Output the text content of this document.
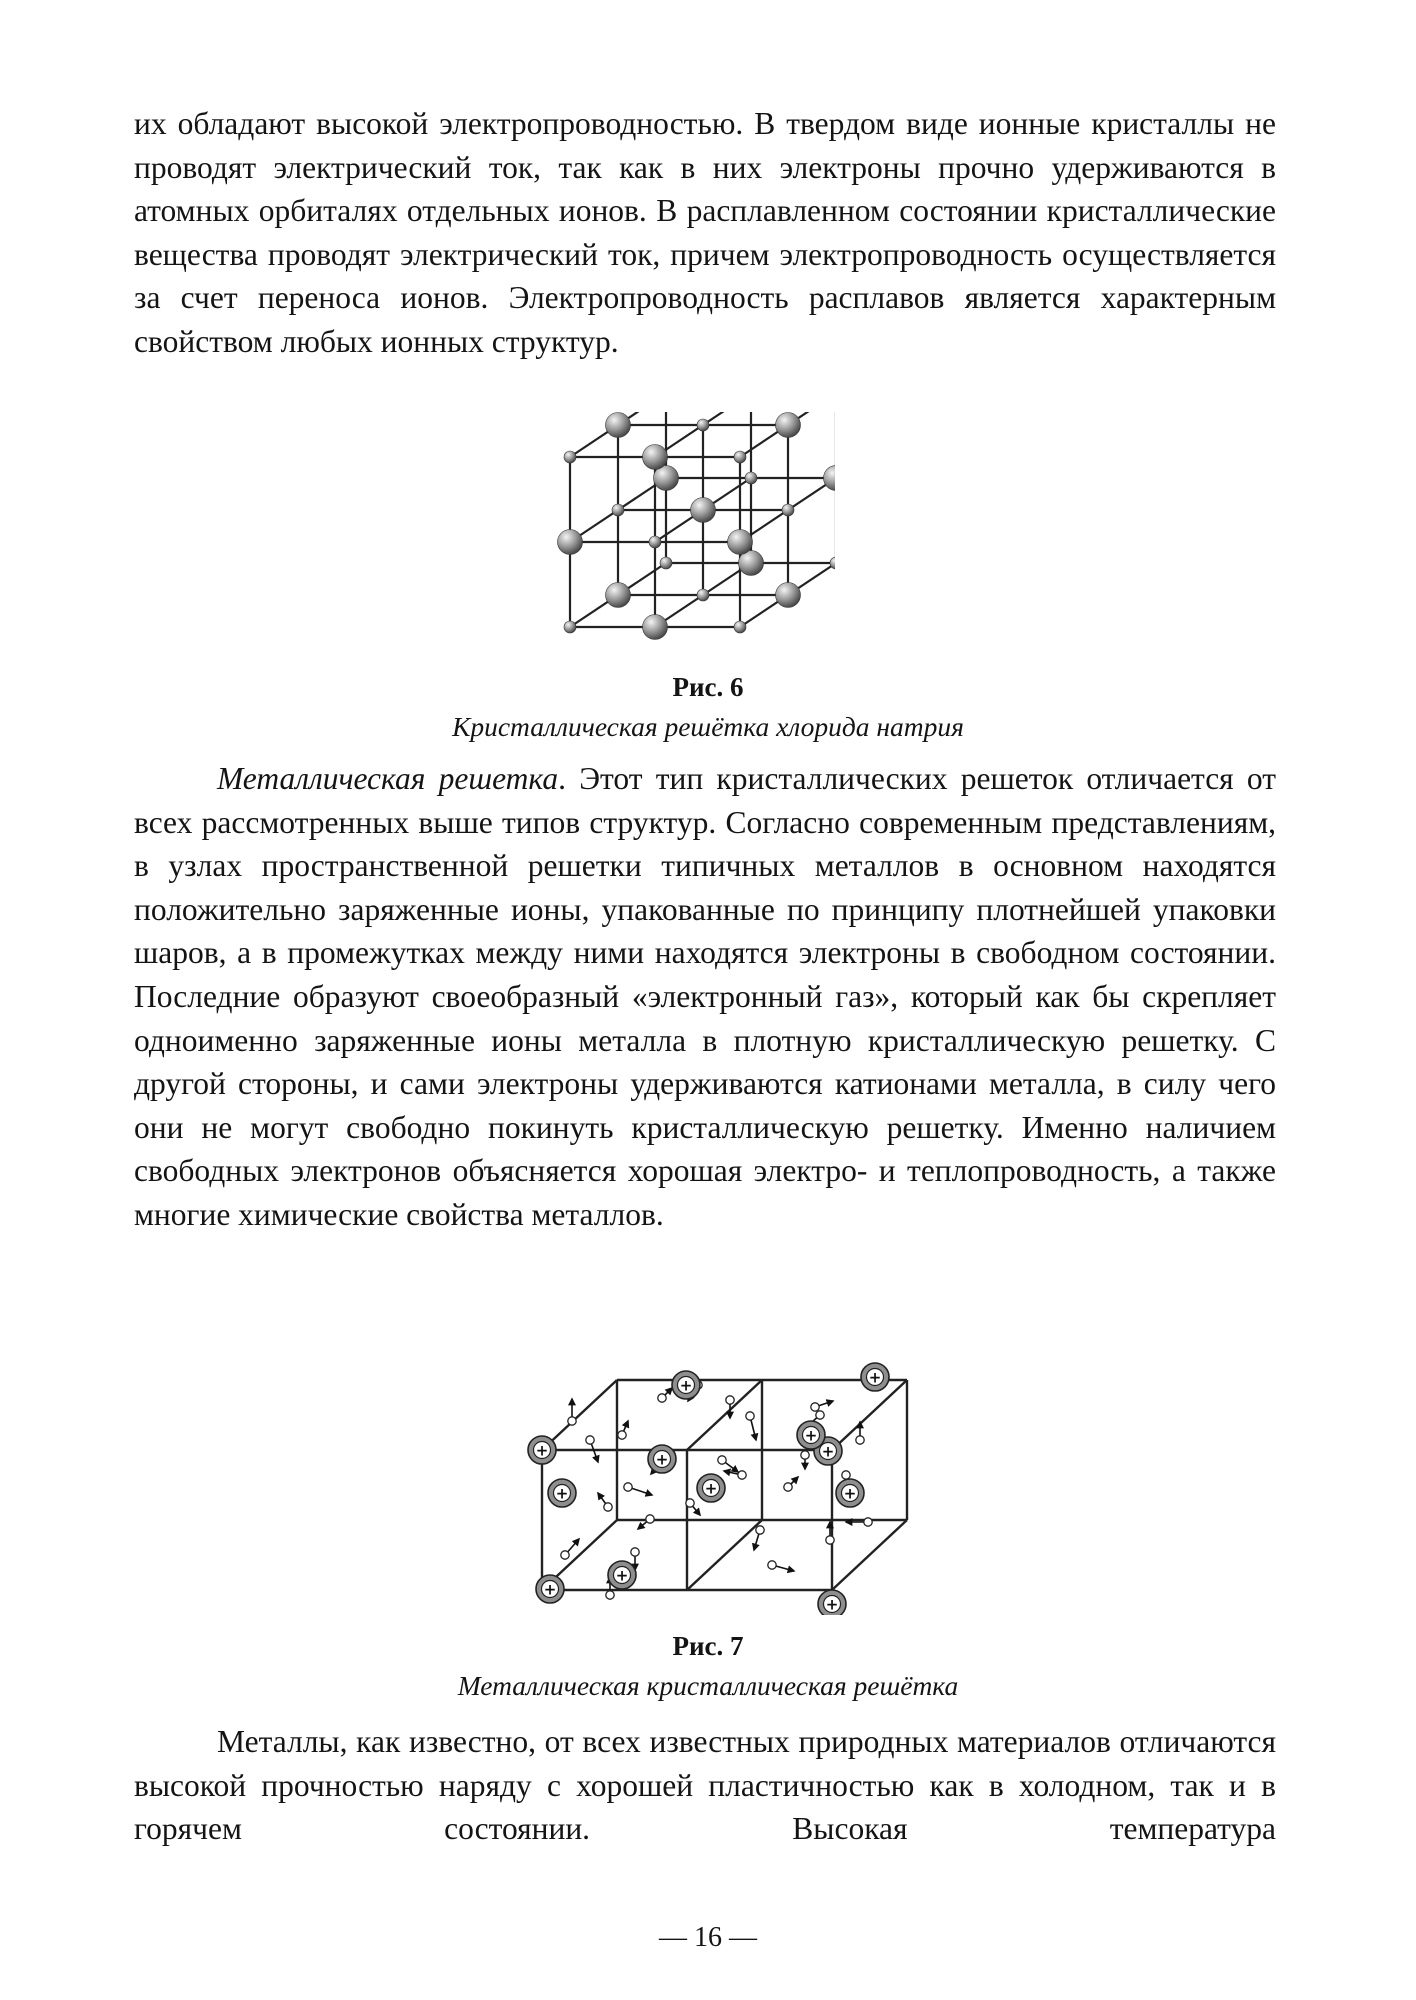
их обладают высокой электропроводностью. В твердом виде ионные кристаллы не проводят электрический ток, так как в них электроны прочно удерживаются в атомных орбиталях отдельных ионов. В расплавленном состоянии кристаллические вещества проводят электрический ток, причем электропроводность осуществляется за счет переноса ионов. Электропроводность расплавов является характерным свойством любых ионных структур.

Рис. 6
Кристаллическая решётка хлорида натрия

Металлическая решетка. Этот тип кристаллических решеток отличается от всех рассмотренных выше типов структур. Согласно современным представлениям, в узлах пространственной решетки типичных металлов в основном находятся положительно заряженные ионы, упакованные по принципу плотнейшей упаковки шаров, а в промежутках между ними находятся электроны в свободном состоянии. Последние образуют своеобразный «электронный газ», который как бы скрепляет одноименно заряженные ионы металла в плотную кристаллическую решетку. С другой стороны, и сами электроны удерживаются катионами металла, в силу чего они не могут свободно покинуть кристаллическую решетку. Именно наличием свободных электронов объясняется хорошая электро- и теплопроводность, а также многие химические свойства металлов.

+
+
+
+
+
+
+
+
+
+
+
+
Рис. 7
Металлическая кристаллическая решётка

Металлы, как известно, от всех известных природных материалов отличаются высокой прочностью наряду с хорошей пластичностью как в холодном, так и в горячем состоянии. Высокая температура

— 16 —
